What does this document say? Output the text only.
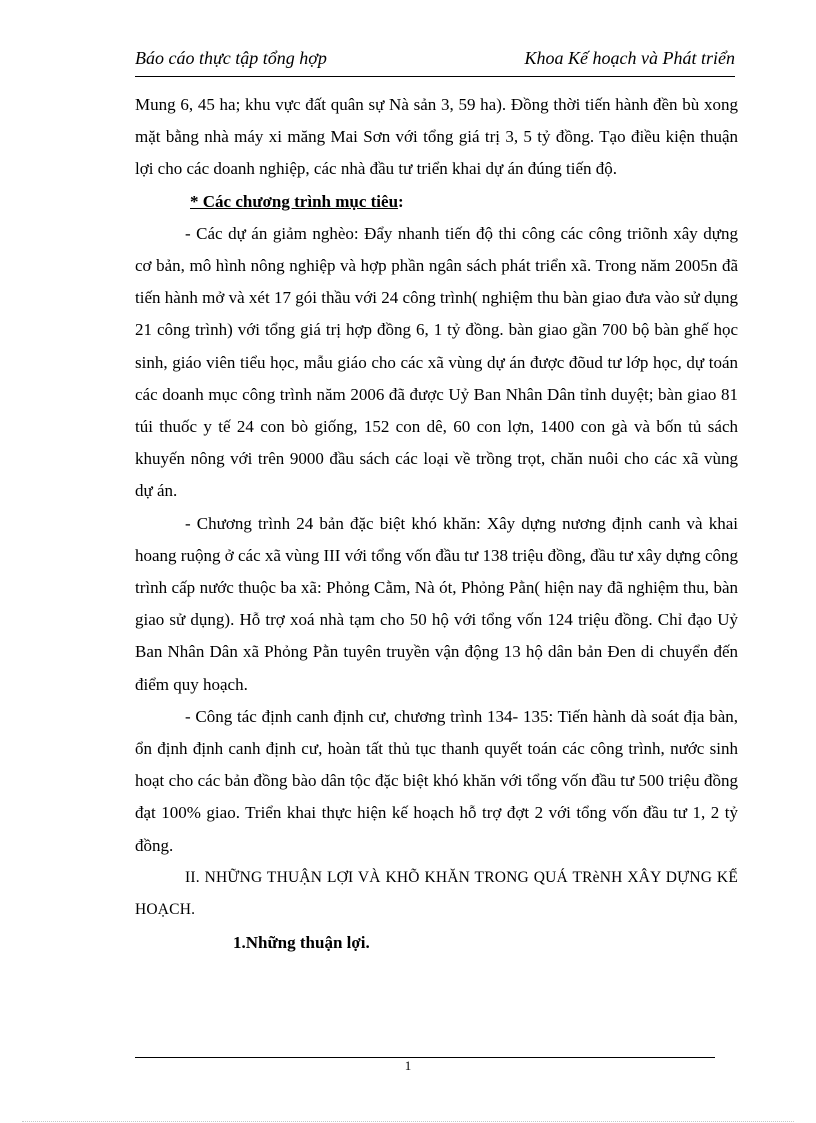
Báo cáo thực tập tổng hợp	Khoa Kế hoạch và Phát triển

Mung 6, 45 ha; khu vực đất quân sự Nà sản 3, 59 ha). Đồng thời tiến hành đền bù xong mặt bằng nhà máy xi măng Mai Sơn với tổng giá trị 3, 5 tỷ đồng. Tạo điều kiện thuận lợi cho các doanh nghiệp, các nhà đầu tư triển khai dự án đúng tiến độ.

* Các chương trình mục tiêu:

- Các dự án giảm nghèo: Đẩy nhanh tiến độ thi công các công triõnh xây dựng cơ bản, mô hình nông nghiệp và hợp phần ngân sách phát triển xã. Trong năm 2005n đã tiến hành mở và xét 17 gói thầu với 24 công trình( nghiệm thu bàn giao đưa vào sử dụng 21 công trình) với tổng giá trị hợp đồng 6, 1 tỷ đồng. bàn giao gần 700 bộ bàn ghế học sinh, giáo viên tiểu học, mẫu giáo cho các xã vùng dự án được đõud tư lớp học, dự toán các doanh mục công trình năm 2006 đã được Uỷ Ban Nhân Dân tỉnh duyệt; bàn giao 81 túi thuốc y tế 24 con bò giống, 152 con dê, 60 con lợn, 1400 con gà và bốn tủ sách khuyến nông với trên 9000 đầu sách các loại về trồng trọt, chăn nuôi cho các xã vùng dự án.

- Chương trình 24 bản đặc biệt khó khăn: Xây dựng nương định canh và khai hoang ruộng ở các xã vùng III với tổng vốn đầu tư 138 triệu đồng, đầu tư xây dựng công trình cấp nước thuộc ba xã: Phỏng Cằm, Nà ót, Phỏng Pằn( hiện nay đã nghiệm thu, bàn giao sử dụng). Hỗ trợ xoá nhà tạm cho 50 hộ với tổng vốn 124 triệu đồng. Chỉ đạo Uỷ Ban Nhân Dân xã Phỏng Pằn tuyên truyền vận động 13 hộ dân bản Đen di chuyển đến điểm quy hoạch.

- Công tác định canh định cư, chương trình 134- 135: Tiến hành dà soát địa bàn, ổn định định canh định cư, hoàn tất thủ tục thanh quyết toán các công trình, nước sinh hoạt cho các bản đồng bào dân tộc đặc biệt khó khăn với tổng vốn đầu tư 500 triệu đồng đạt 100% giao. Triển khai thực hiện kế hoạch hỗ trợ đợt 2 với tổng vốn đầu tư 1, 2 tỷ đồng.

II. NHỮNG THUẬN LỢI VÀ KHÕ KHĂN TRONG QUÁ TRèNH XÂY DỰNG KẾ HOẠCH.

1.Những thuận lợi.

1
